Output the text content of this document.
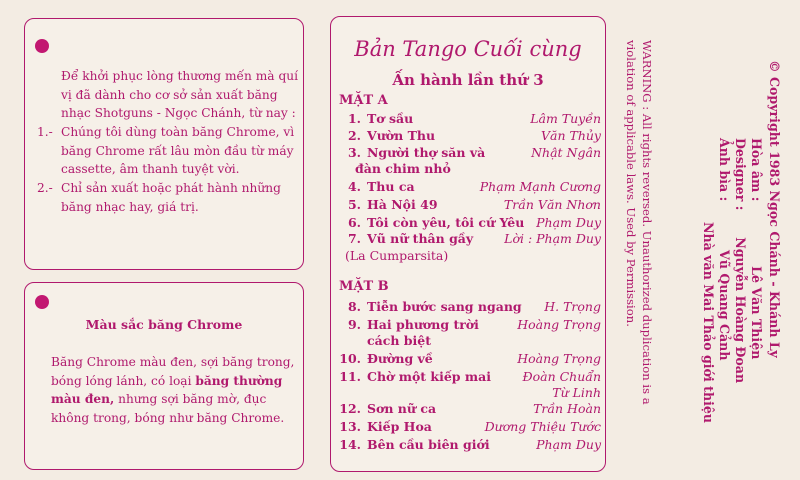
Để khởi phục lòng thương mến mà quí vị đã dành cho cơ sở sản xuất băng nhạc Shotguns - Ngọc Chánh, từ nay :
1.- Chúng tôi dùng toàn băng Chrome, vì băng Chrome rất lâu mòn đầu từ máy cassette, âm thanh tuyệt vời.
2.- Chỉ sản xuất hoặc phát hành những băng nhạc hay, giá trị.
Màu sắc băng Chrome
Băng Chrome màu đen, sợi băng trong, bóng lóng lánh, có loại băng thường màu đen, nhưng sợi băng mờ, đục không trong, bóng như băng Chrome.
Bản Tango Cuối cùng
Ấn hành lần thứ 3
MẶT A
1. Tơ sầu	Lâm Tuyền
2. Vườn Thu	Văn Thủy
3. Người thợ săn và
đàn chim nhỏ
Nhật Ngân
4. Thu ca	Phạm Mạnh Cương
5. Hà Nội 49	Trần Văn Nhơn
6. Tôi còn yêu, tôi cứ Yêu Phạm Duy
7. Vũ nữ thân gầy Lời : Phạm Duy
(La Cumparsita)
MẶT B
8. Tiễn bước sang ngang H. Trọng
9. Hai phương trời
cách biệt
Hoàng Trọng
10. Đường về	Hoàng Trọng
11. Chờ một kiếp mai	Đoàn Chuẩn
Từ Linh
12. Sơn nữ ca	Trần Hoàn
13. Kiếp Hoa	Dương Thiệu Tước
14. Bên cầu biên giới	Phạm Duy
WARNING : All rights reversed. Unauthorized duplication is a
violation of applicable laws. Used by Permission.	© Copyright 1983 Ngọc Chánh - Khánh Ly
Hòa âm :  Lê Văn Thiện
Designer :  Nguyễn Hoàng Đoan
Ảnh bìa :  Vũ Quang Cảnh
Nhà văn Mai Thảo giới thiệu
